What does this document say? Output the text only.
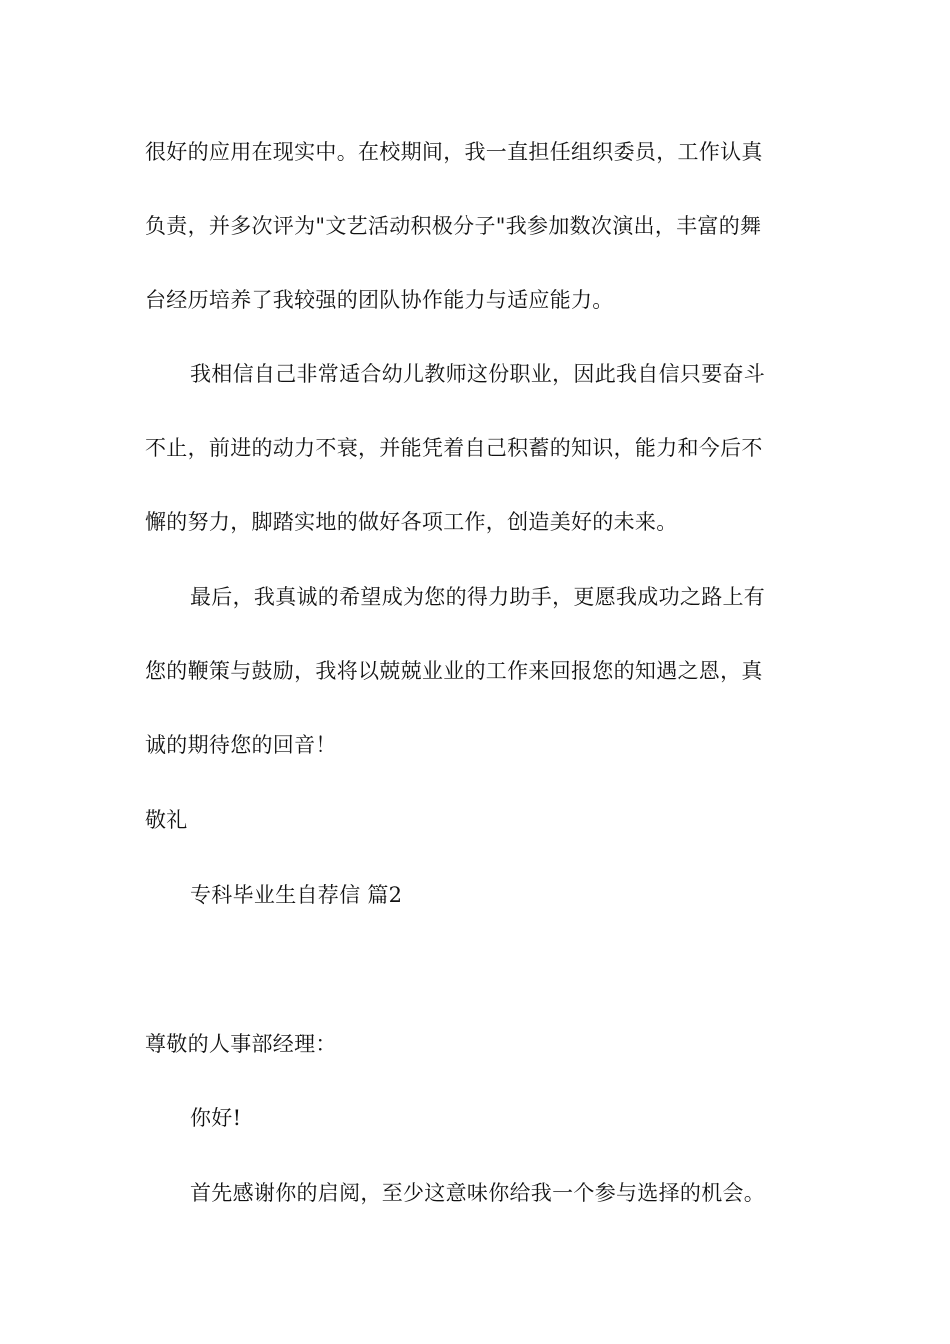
很好的应用在现实中。在校期间，我一直担任组织委员，工作认真
负责，并多次评为"文艺活动积极分子"我参加数次演出，丰富的舞
台经历培养了我较强的团队协作能力与适应能力。
我相信自己非常适合幼儿教师这份职业，因此我自信只要奋斗
不止，前进的动力不衰，并能凭着自己积蓄的知识，能力和今后不
懈的努力，脚踏实地的做好各项工作，创造美好的未来。
最后，我真诚的希望成为您的得力助手，更愿我成功之路上有
您的鞭策与鼓励，我将以兢兢业业的工作来回报您的知遇之恩，真
诚的期待您的回音！
敬礼
专科毕业生自荐信 篇2
尊敬的人事部经理：
你好!
首先感谢你的启阅，至少这意味你给我一个参与选择的机会。
